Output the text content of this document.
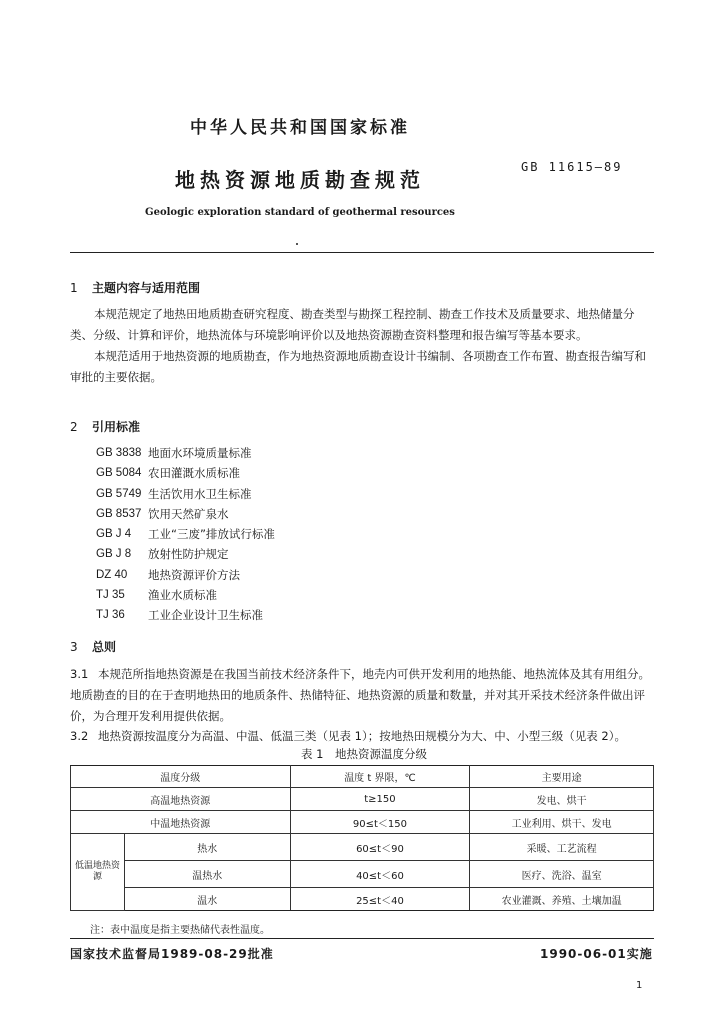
中华人民共和国国家标准
地热资源地质勘查规范
GB 11615—89
Geologic exploration standard of geothermal resources
1 主题内容与适用范围

本规范规定了地热田地质勘查研究程度、勘查类型与勘探工程控制、勘查工作技术及质量要求、地热储量分类、分级、计算和评价，地热流体与环境影响评价以及地热资源勘查资料整理和报告编写等基本要求。

本规范适用于地热资源的地质勘查，作为地热资源地质勘查设计书编制、各项勘查工作布置、勘查报告编写和审批的主要依据。

2 引用标准
GB 3838 地面水环境质量标准
GB 5084 农田灌溉水质标准
GB 5749 生活饮用水卫生标准
GB 8537 饮用天然矿泉水
GB J 4	工业“三废”排放试行标准
GB J 8	放射性防护规定
DZ 40	地热资源评价方法
TJ 35	渔业水质标准
TJ 36	工业企业设计卫生标准
3 总则
3.1 本规范所指地热资源是在我国当前技术经济条件下，地壳内可供开发利用的地热能、地热流体及其有用组分。地质勘查的目的在于查明地热田的地质条件、热储特征、地热资源的质量和数量，并对其开采技术经济条件做出评价，为合理开发利用提供依据。
3.2 地热资源按温度分为高温、中温、低温三类（见表 1）；按地热田规模分为大、中、小型三级（见表 2）。
表 1　地热资源温度分级
温度分级		温度 t 界限，℃	主要用途
高温地热资源		t≥150	发电、烘干
中温地热资源		90≤t＜150	工业利用、烘干、发电
低温地热资源	热水	60≤t＜90	采暖、工艺流程
	温热水	40≤t＜60	医疗、洗浴、温室
	温水	25≤t＜40	农业灌溉、养殖、土壤加温
注：表中温度是指主要热储代表性温度。
国家技术监督局1989-08-29批准	1990-06-01实施
1
